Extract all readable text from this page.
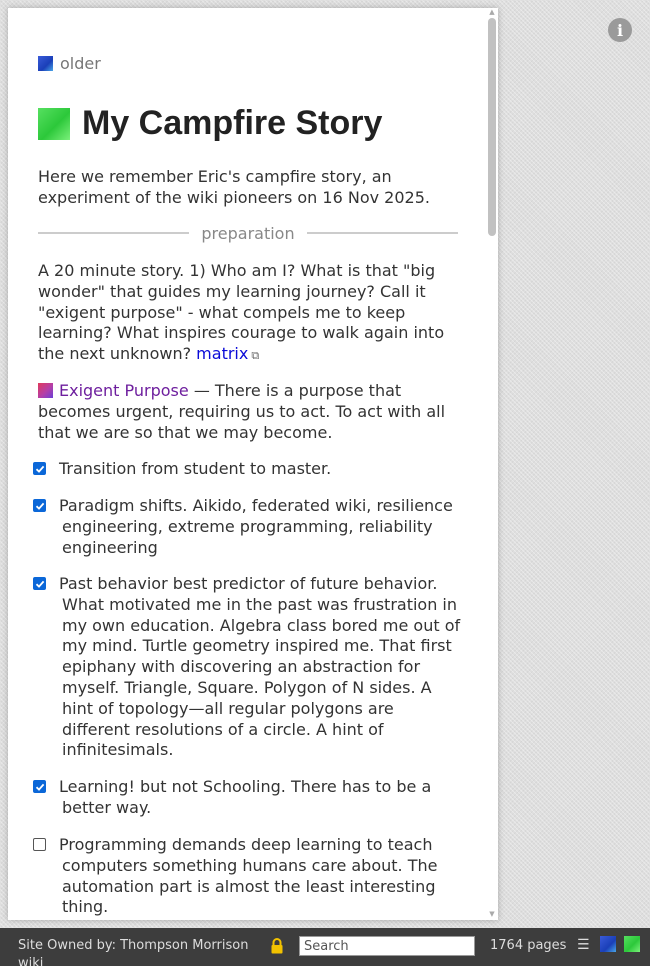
i
▲
▼
older
My Campfire Story

Here we remember Eric's campfire story, an experiment of the wiki pioneers on 16 Nov 2025.

preparation

A 20 minute story. 1) Who am I? What is that "big wonder" that guides my learning journey? Call it "exigent purpose" - what compels me to keep learning? What inspires courage to walk again into the next unknown? matrix ⧉

Exigent Purpose — There is a purpose that becomes urgent, requiring us to act. To act with all that we are so that we may become.

Transition from student to master.
Paradigm shifts. Aikido, federated wiki, resilience engineering, extreme programming, reliability engineering
Past behavior best predictor of future behavior. What motivated me in the past was frustration in my own education. Algebra class bored me out of my mind. Turtle geometry inspired me. That first epiphany with discovering an abstraction for myself. Triangle, Square. Polygon of N sides. A hint of topology—all regular polygons are different resolutions of a circle. A hint of infinitesimals.
Learning! but not Schooling. There has to be a better way.
Programming demands deep learning to teach computers something humans care about. The automation part is almost the least interesting thing.
Site Owned by: Thompson Morrison
wiki
Search
1764 pages ☰
